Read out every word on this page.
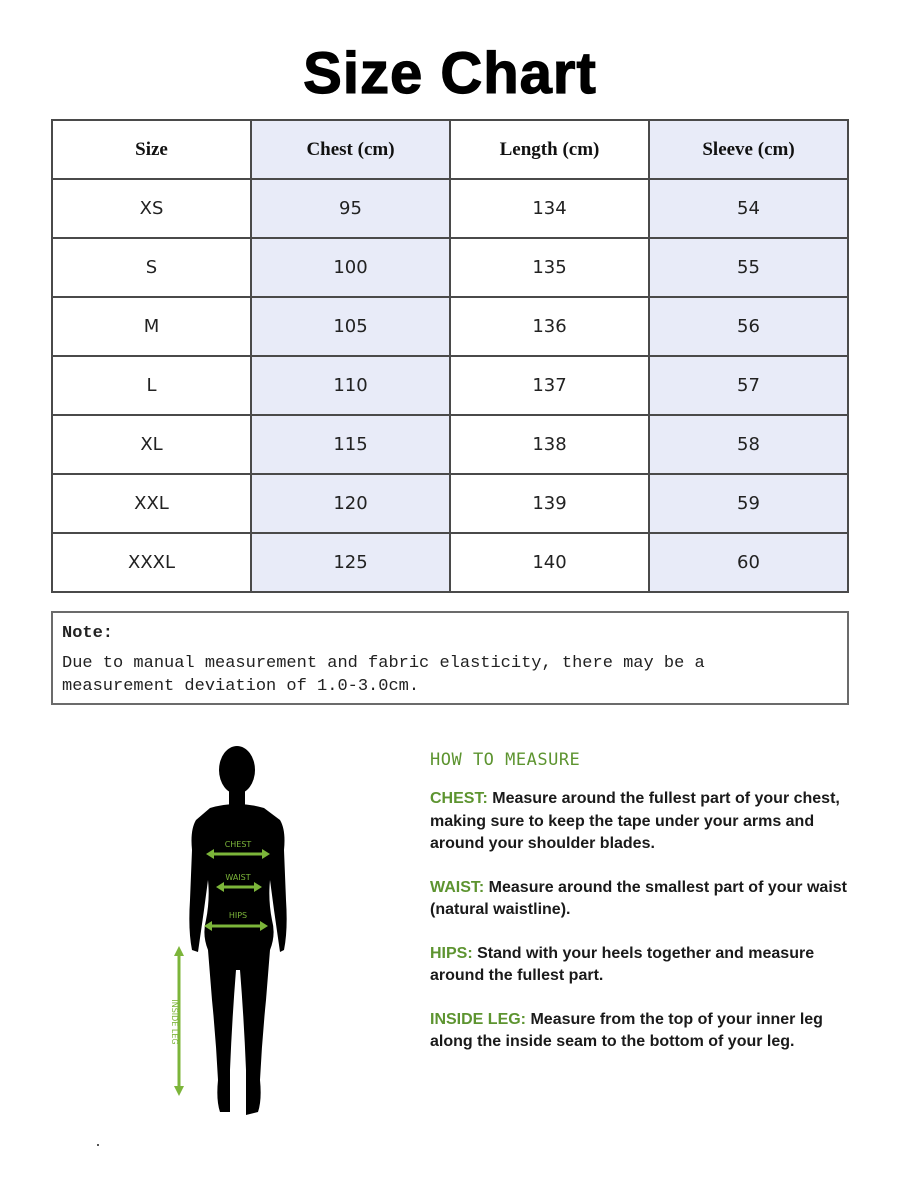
Size Chart
Size	Chest (cm)	Length (cm)	Sleeve (cm)
XS	95	134	54
S	100	135	55
M	105	136	56
L	110	137	57
XL	115	138	58
XXL	120	139	59
XXXL	125	140	60
Note:
Due to manual measurement and fabric elasticity, there may be a
measurement deviation of 1.0-3.0cm.
CHEST
WAIST
HIPS
INSIDE LEG
HOW TO MEASURE
CHEST: Measure around the fullest part of your chest, making sure to keep the tape under your arms and around your shoulder blades.
WAIST: Measure around the smallest part of your waist (natural waistline).
HIPS: Stand with your heels together and measure around the fullest part.
INSIDE LEG: Measure from the top of your inner leg along the inside seam to the bottom of your leg.
